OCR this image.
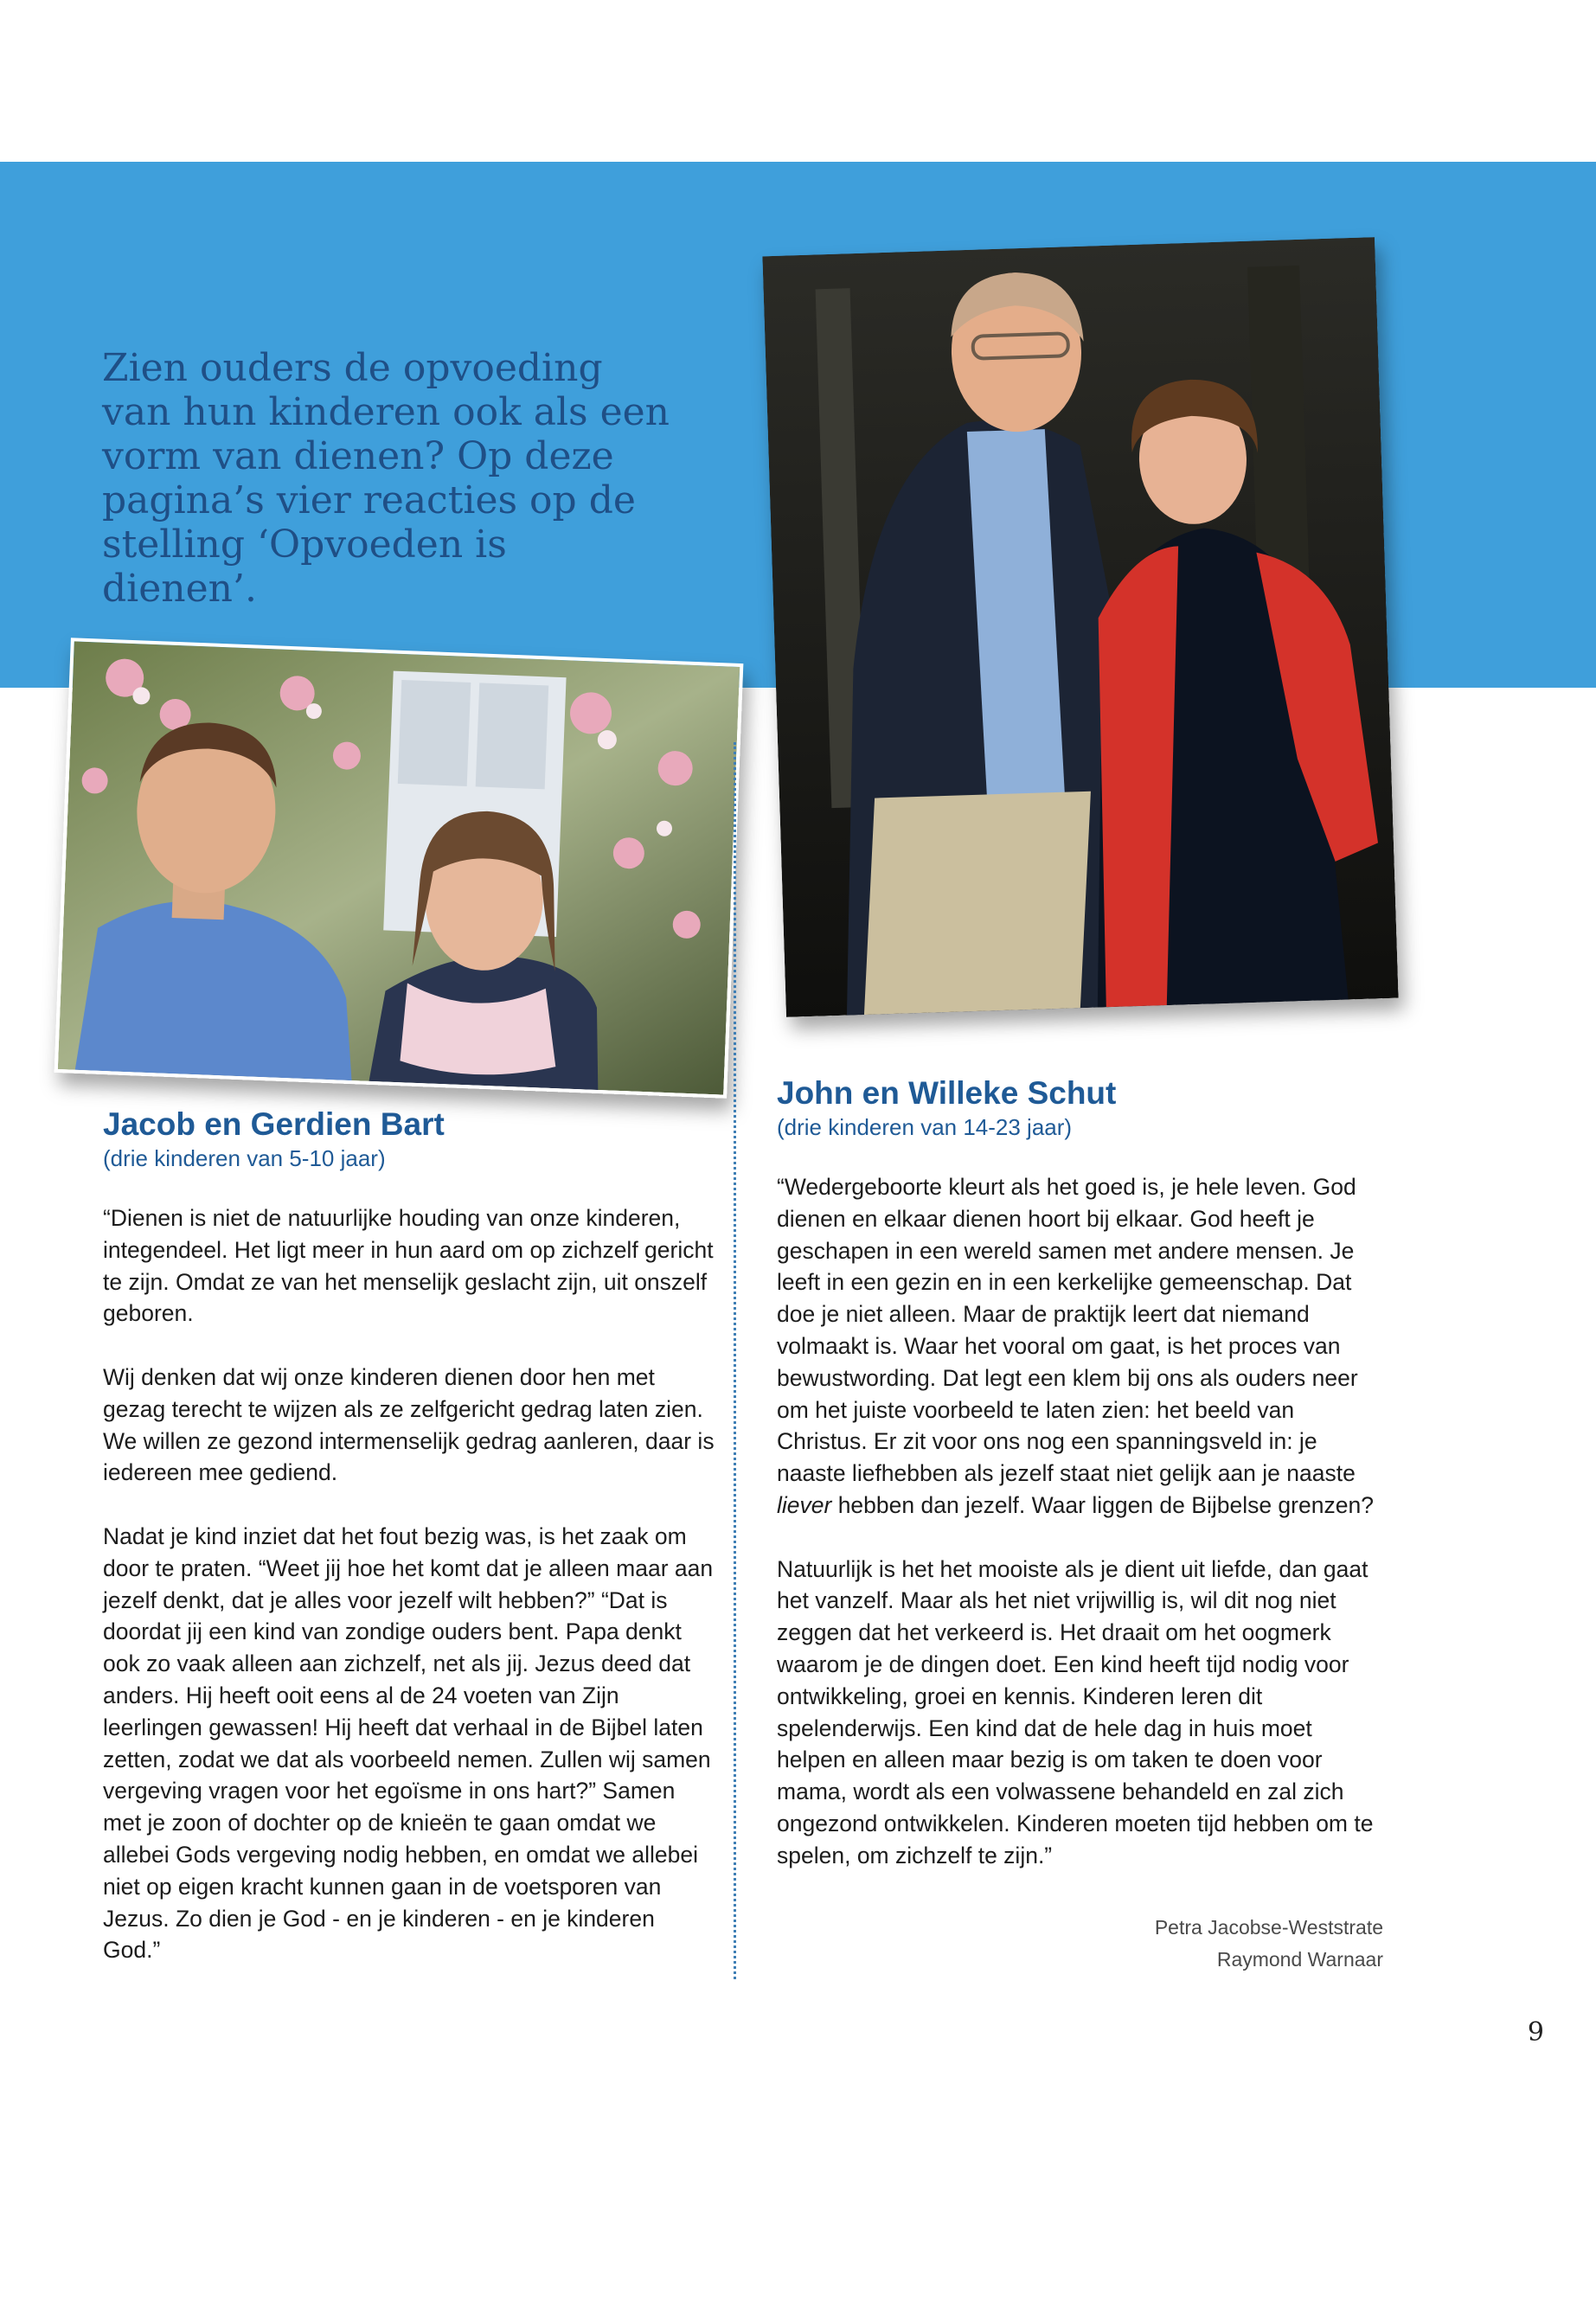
Zien ouders de opvoeding
van hun kinderen ook als een
vorm van dienen? Op deze
pagina’s vier reacties op de
stelling ‘Opvoeden is dienen’.

Jacob en Gerdien Bart

(drie kinderen van 5-10 jaar)

“Dienen is niet de natuurlijke houding van onze kinderen, integendeel. Het ligt meer in hun aard om op zichzelf gericht te zijn. Omdat ze van het menselijk geslacht zijn, uit onszelf geboren.

Wij denken dat wij onze kinderen dienen door hen met gezag terecht te wijzen als ze zelfgericht gedrag laten zien. We willen ze gezond intermenselijk gedrag aanleren, daar is iedereen mee gediend.

Nadat je kind inziet dat het fout bezig was, is het zaak om door te praten. “Weet jij hoe het komt dat je alleen maar aan jezelf denkt, dat je alles voor jezelf wilt hebben?” “Dat is doordat jij een kind van zondige ouders bent. Papa denkt ook zo vaak alleen aan zichzelf, net als jij. Jezus deed dat anders. Hij heeft ooit eens al de 24 voeten van Zijn leerlingen gewassen! Hij heeft dat verhaal in de Bijbel laten zetten, zodat we dat als voorbeeld nemen. Zullen wij samen vergeving vragen voor het egoïsme in ons hart?” Samen met je zoon of dochter op de knieën te gaan omdat we allebei Gods vergeving nodig hebben, en omdat we allebei niet op eigen kracht kunnen gaan in de voetsporen van Jezus. Zo dien je God - en je kinderen - en je kinderen God.”

John en Willeke Schut

(drie kinderen van 14-23 jaar)

“Wedergeboorte kleurt als het goed is, je hele leven. God dienen en elkaar dienen hoort bij elkaar. God heeft je geschapen in een wereld samen met andere mensen. Je leeft in een gezin en in een kerkelijke gemeenschap. Dat doe je niet alleen. Maar de praktijk leert dat niemand volmaakt is. Waar het vooral om gaat, is het proces van bewustwording. Dat legt een klem bij ons als ouders neer om het juiste voorbeeld te laten zien: het beeld van Christus. Er zit voor ons nog een spanningsveld in: je naaste liefhebben als jezelf staat niet gelijk aan je naaste liever hebben dan jezelf. Waar liggen de Bijbelse grenzen?

Natuurlijk is het het mooiste als je dient uit liefde, dan gaat het vanzelf. Maar als het niet vrijwillig is, wil dit nog niet zeggen dat het verkeerd is. Het draait om het oogmerk waarom je de dingen doet. Een kind heeft tijd nodig voor ontwikkeling, groei en kennis. Kinderen leren dit spelenderwijs. Een kind dat de hele dag in huis moet helpen en alleen maar bezig is om taken te doen voor mama, wordt als een volwassene behandeld en zal zich ongezond ontwikkelen. Kinderen moeten tijd hebben om te spelen, om zichzelf te zijn.”

Petra Jacobse-Weststrate
Raymond Warnaar
9
